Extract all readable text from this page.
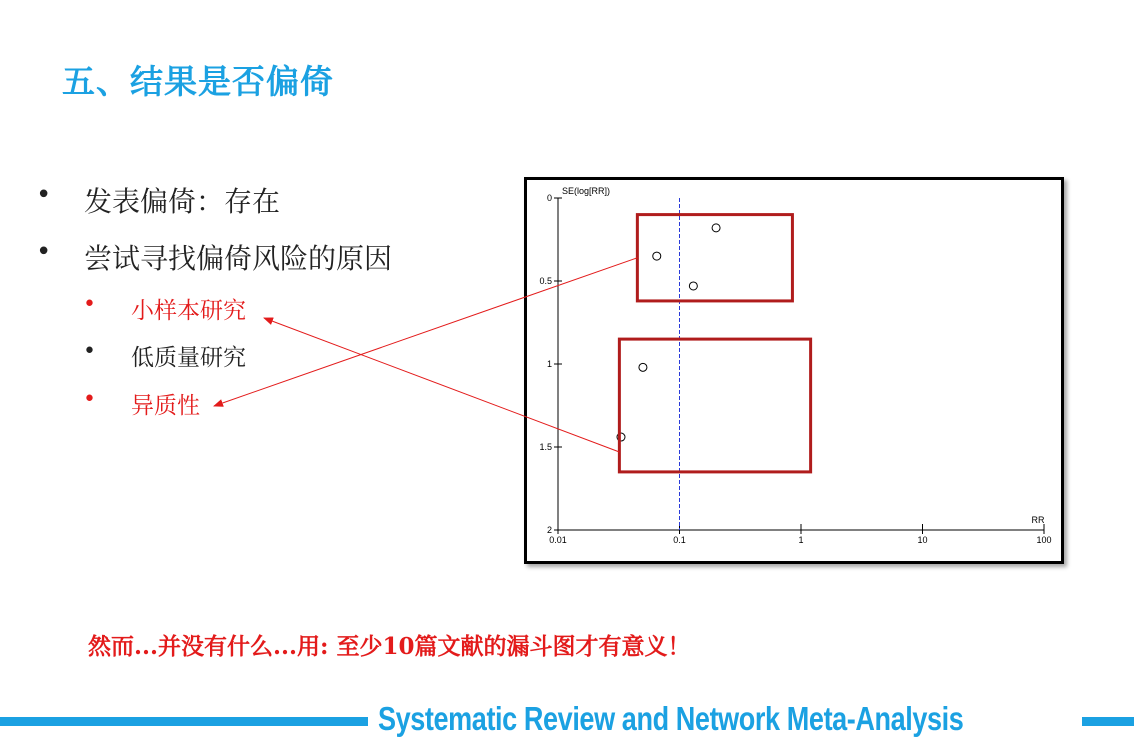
五、结果是否偏倚
• 发表偏倚：存在
• 尝试寻找偏倚风险的原因
• 小样本研究
• 低质量研究
• 异质性
0
0.5
1
1.5
2
0.01	0.1	1	10	100
SE(log[RR])
RR
然而...并没有什么...用: 至少10篇文献的漏斗图才有意义！
Systematic Review and Network Meta-Analysis
